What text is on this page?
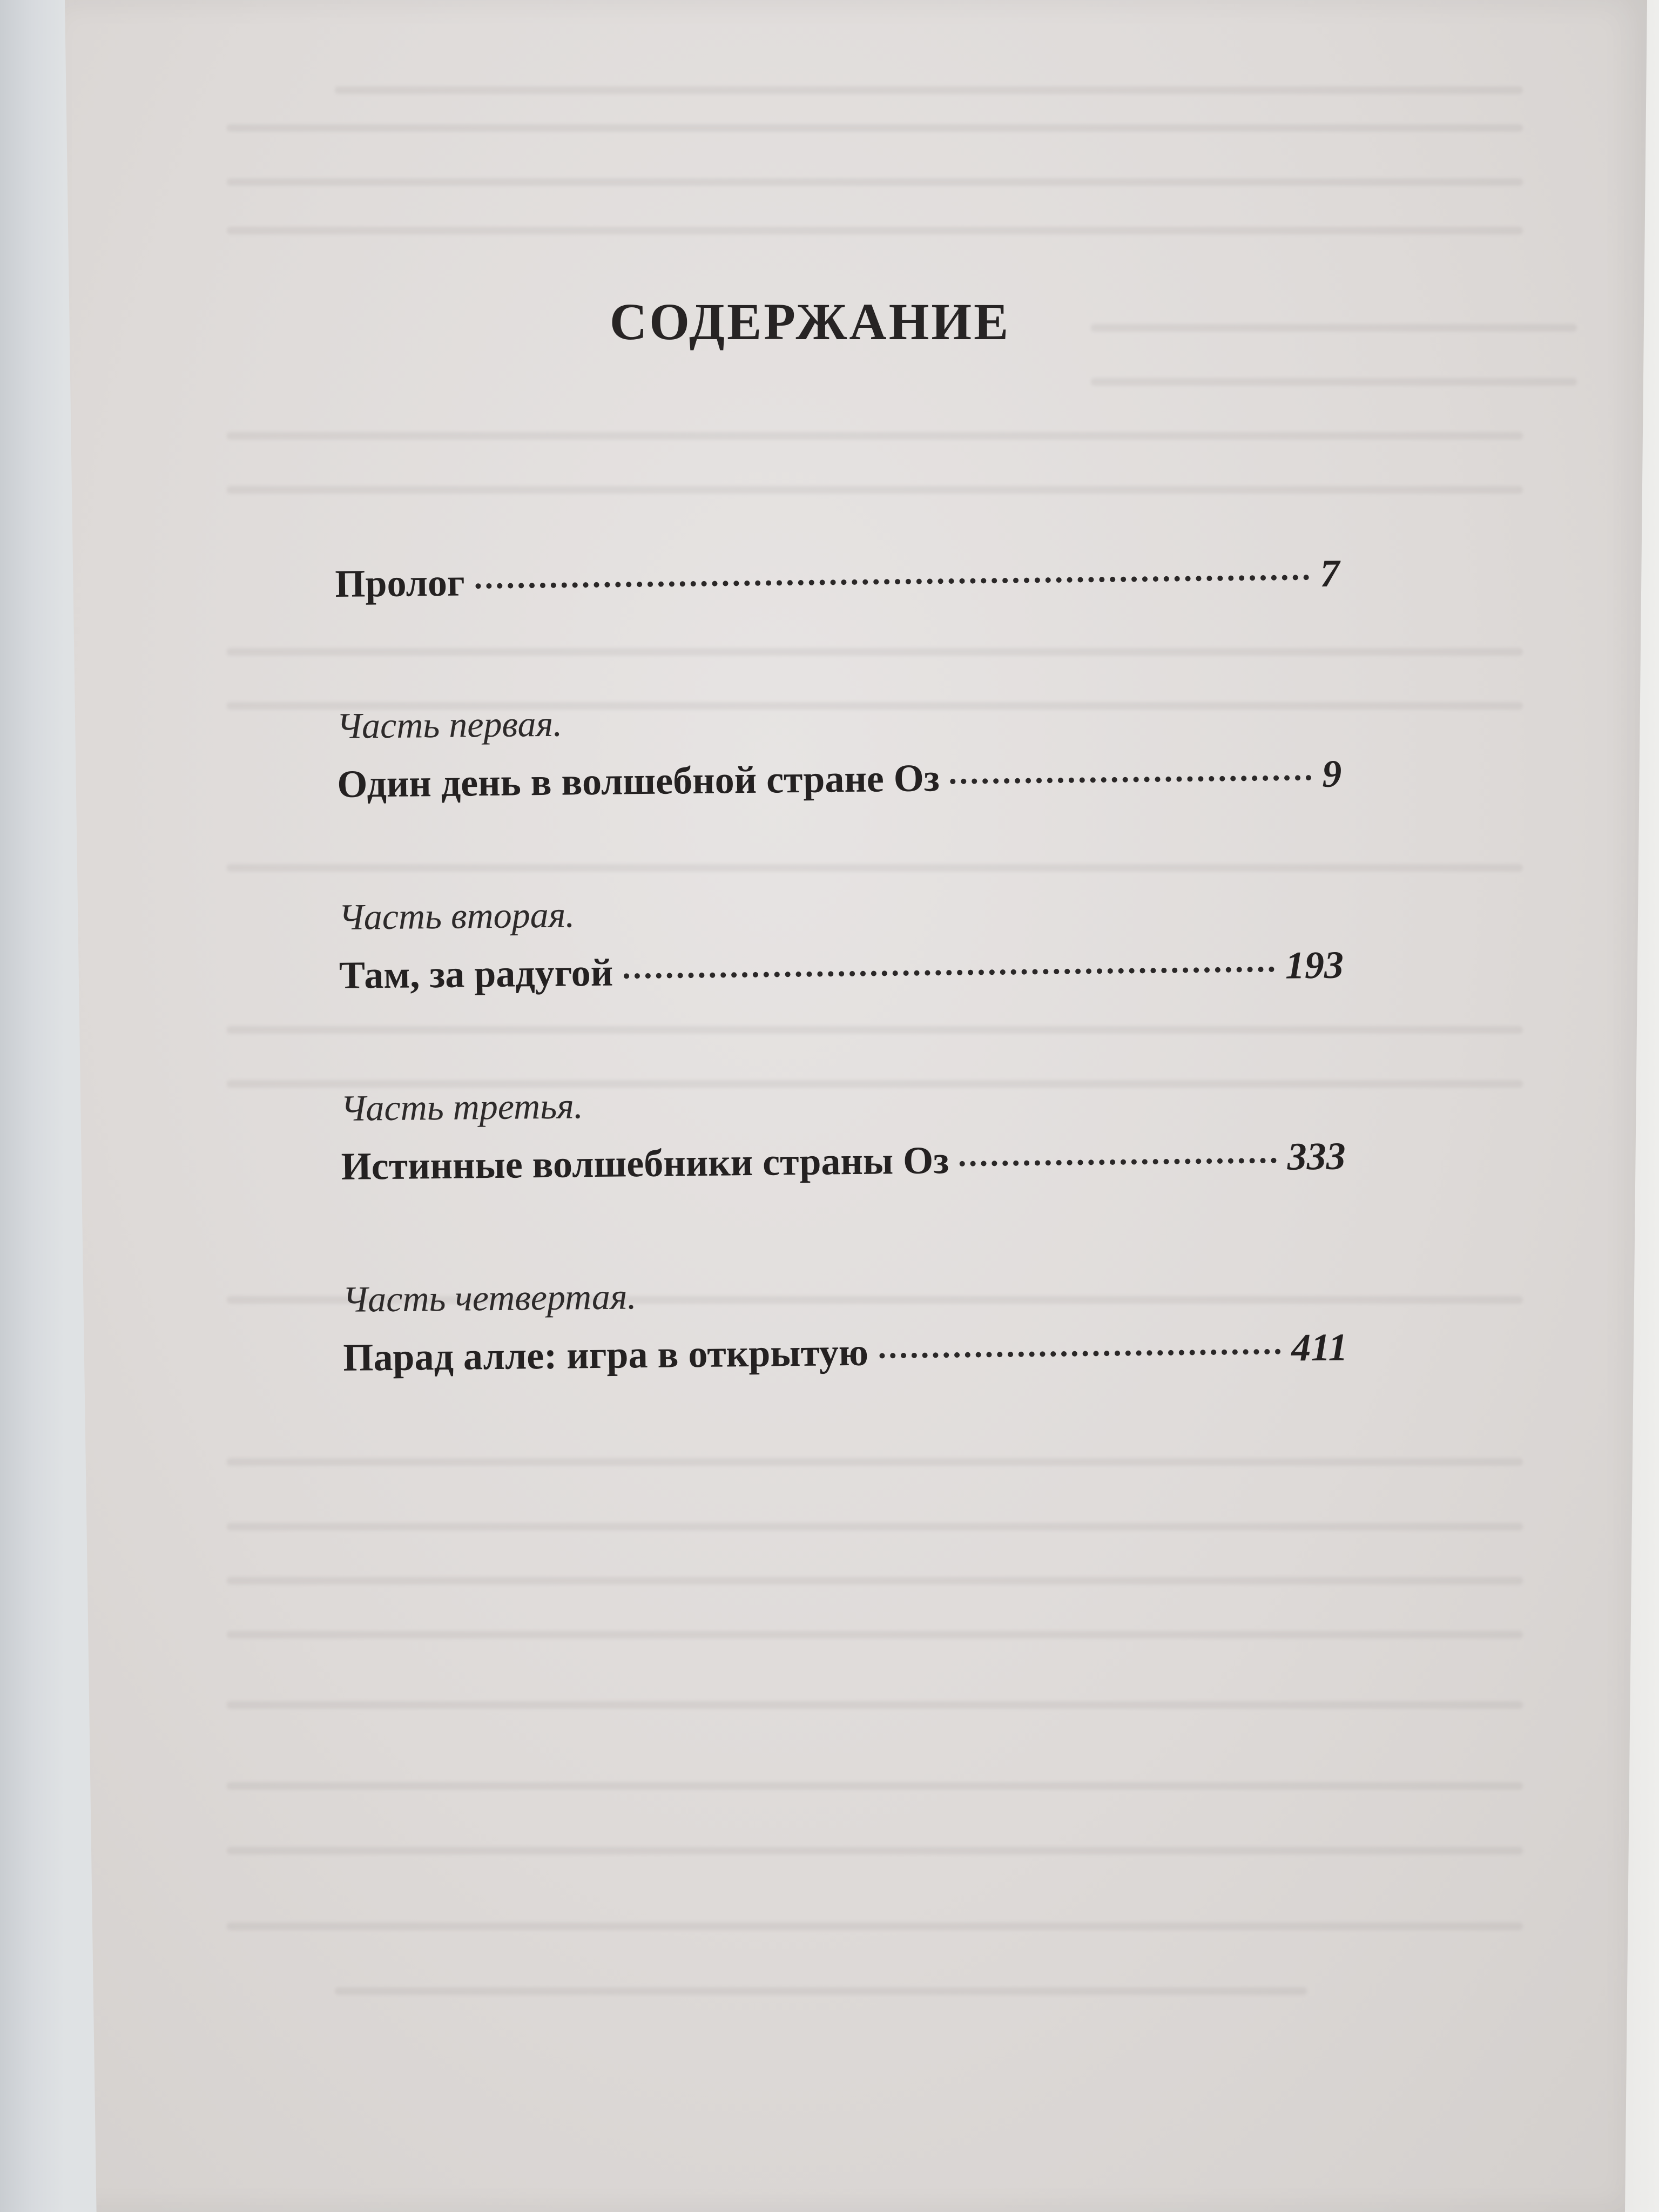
СОДЕРЖАНИЕ
Пролог	7
Часть первая.
Один день в волшебной стране Оз	9
Часть вторая.
Там, за радугой	193
Часть третья.
Истинные волшебники страны Оз	333
Часть четвертая.
Парад алле: игра в открытую	411
